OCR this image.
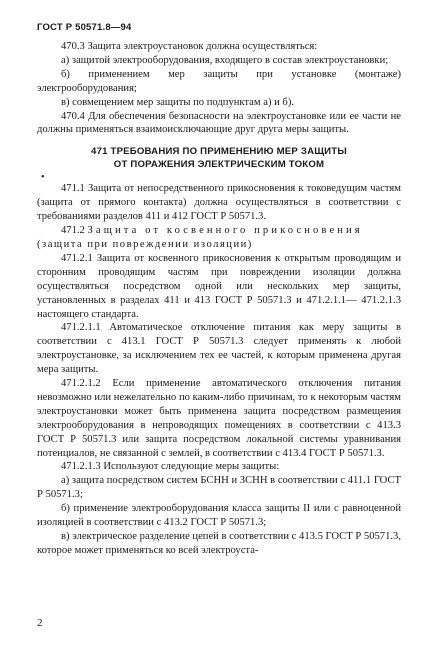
ГОСТ Р 50571.8—94

470.3 Защита электроустановок должна осуществляться:

а) защитой электрооборудования, входящего в состав электроустановки;

б) применением мер защиты при установке (монтаже) электрооборудования;

в) совмещением мер защиты по подпунктам а) и б).

470.4 Для обеспечения безопасности на электроустановке или ее части не должны применяться взаимоисключающие друг друга меры защиты.

471 ТРЕБОВАНИЯ ПО ПРИМЕНЕНИЮ МЕР ЗАЩИТЫ
ОТ ПОРАЖЕНИЯ ЭЛЕКТРИЧЕСКИМ ТОКОМ
•

471.1 Защита от непосредственного прикосновения к токоведущим частям (защита от прямого контакта) должна осуществляться в соответствии с требованиями разделов 411 и 412 ГОСТ Р 50571.3.

471.2 Защита от косвенного прикосновения

(защита при повреждении изоляции)

471.2.1 Защита от косвенного прикосновения к открытым проводящим и сторонним проводящим частям при повреждении изоляции должна осуществляться посредством одной или нескольких мер защиты, установленных в разделах 411 и 413 ГОСТ Р 50571.3 и 471.2.1.1— 471.2.1.3 настоящего стандарта.

471.2.1.1 Автоматическое отключение питания как меру защиты в соответствии с 413.1 ГОСТ Р 50571.3 следует применять к любой электроустановке, за исключением тех ее частей, к которым применена другая мера защиты.

471.2.1.2 Если применение автоматического отключения питания невозможно или нежелательно по каким-либо причинам, то к некоторым частям электроустановки может быть применена защита посредством размещения электрооборудования в непроводящих помещениях в соответствии с 413.3 ГОСТ Р 50571.3 или защита посредством локальной системы уравнивания потенциалов, не связанной с землей, в соответствии с 413.4 ГОСТ Р 50571.3.

471.2.1.3 Используют следующие меры защиты:

а) защита посредством систем БСНН и ЗСНН в соответствии с 411.1 ГОСТ Р 50571.3;

б) применение электрооборудования класса защиты II или с равноценной изоляцией в соответствии с 413.2 ГОСТ Р 50571.3;

в) электрическое разделение цепей в соответствии с 413.5 ГОСТ Р 50571.3, которое может применяться ко всей электроуста-

2
